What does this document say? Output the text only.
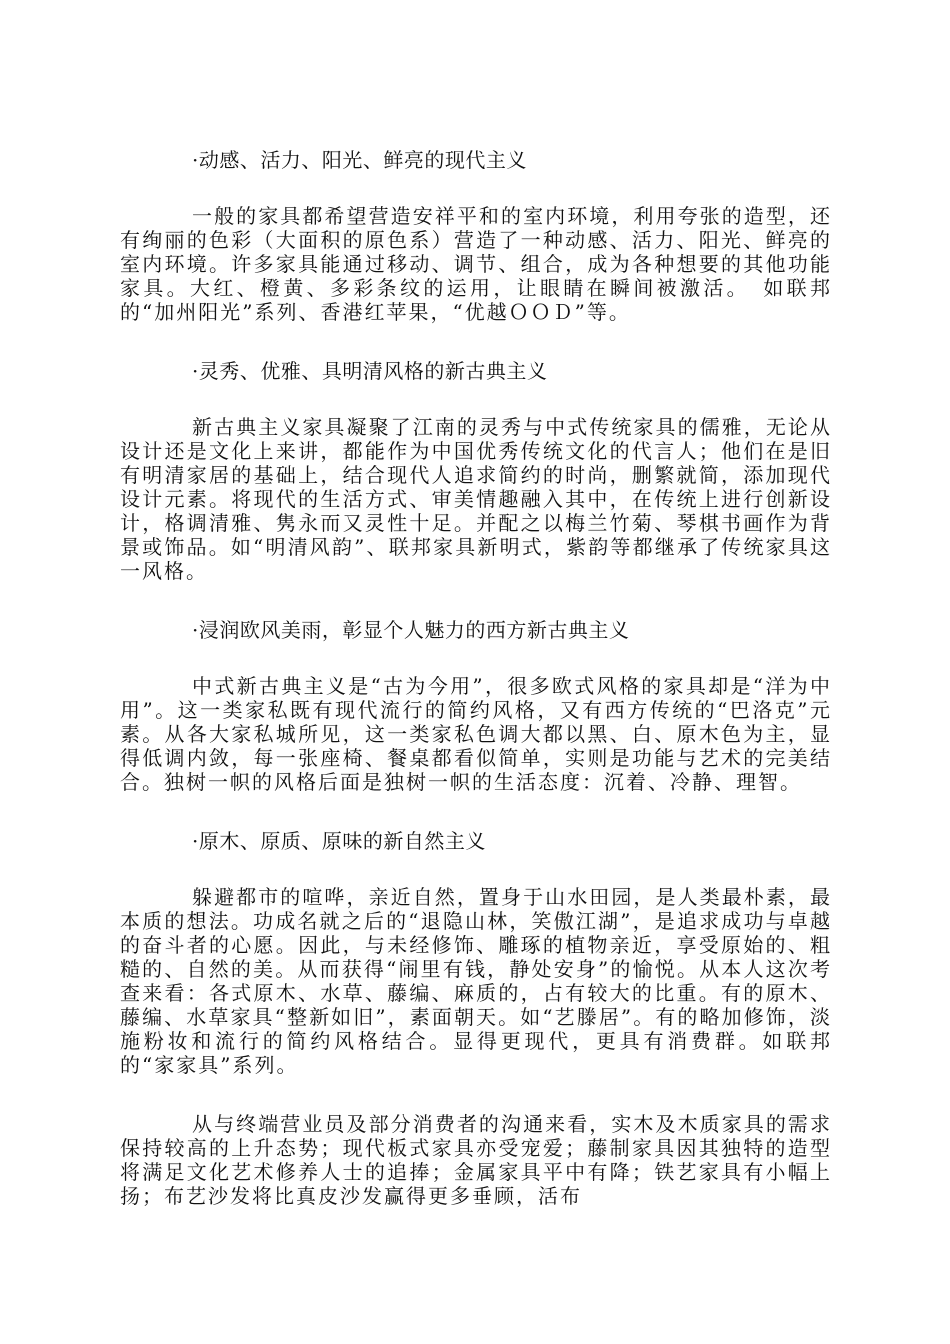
·动感、活力、阳光、鲜亮的现代主义

一般的家具都希望营造安祥平和的室内环境，利用夸张的造型，还有绚丽的色彩（大面积的原色系）营造了一种动感、活力、阳光、鲜亮的室内环境。许多家具能通过移动、调节、组合，成为各种想要的其他功能家具。大红、橙黄、多彩条纹的运用，让眼睛在瞬间被激活。　如联邦的“加州阳光”系列、香港红苹果，“优越ＯＯＤ”等。

·灵秀、优雅、具明清风格的新古典主义

新古典主义家具凝聚了江南的灵秀与中式传统家具的儒雅，无论从设计还是文化上来讲，都能作为中国优秀传统文化的代言人；他们在是旧有明清家居的基础上，结合现代人追求简约的时尚，删繁就简，添加现代设计元素。将现代的生活方式、审美情趣融入其中，在传统上进行创新设计，格调清雅、隽永而又灵性十足。并配之以梅兰竹菊、琴棋书画作为背景或饰品。如“明清风韵”、联邦家具新明式，紫韵等都继承了传统家具这一风格。

·浸润欧风美雨，彰显个人魅力的西方新古典主义

中式新古典主义是“古为今用”，很多欧式风格的家具却是“洋为中用”。这一类家私既有现代流行的简约风格，又有西方传统的“巴洛克”元素。从各大家私城所见，这一类家私色调大都以黑、白、原木色为主，显得低调内敛，每一张座椅、餐桌都看似简单，实则是功能与艺术的完美结合。独树一帜的风格后面是独树一帜的生活态度：沉着、冷静、理智。

·原木、原质、原味的新自然主义

躲避都市的喧哗，亲近自然，置身于山水田园，是人类最朴素，最本质的想法。功成名就之后的“退隐山林，笑傲江湖”，是追求成功与卓越的奋斗者的心愿。因此，与未经修饰、雕琢的植物亲近，享受原始的、粗糙的、自然的美。从而获得“闹里有钱，静处安身”的愉悦。从本人这次考查来看：各式原木、水草、藤编、麻质的，占有较大的比重。有的原木、藤编、水草家具“整新如旧”，素面朝天。如“艺滕居”。有的略加修饰，淡施粉妆和流行的简约风格结合。显得更现代，更具有消费群。如联邦的“家家具”系列。

从与终端营业员及部分消费者的沟通来看，实木及木质家具的需求保持较高的上升态势；现代板式家具亦受宠爱；藤制家具因其独特的造型将满足文化艺术修养人士的追捧；金属家具平中有降；铁艺家具有小幅上扬；布艺沙发将比真皮沙发赢得更多垂顾，活布
